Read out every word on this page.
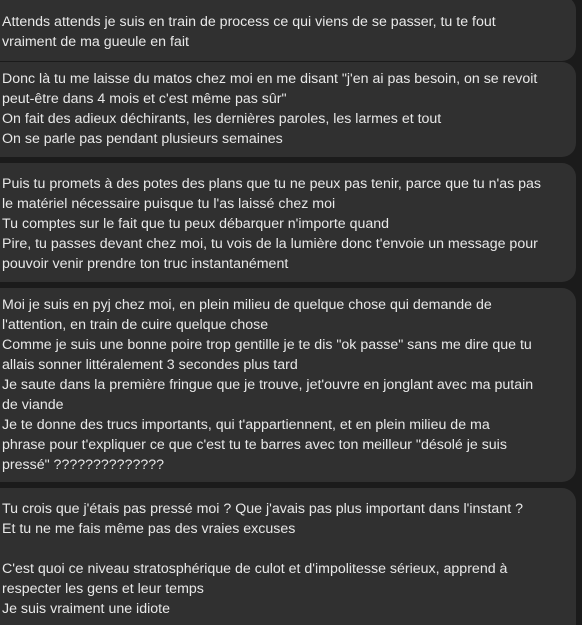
Attends attends je suis en train de process ce qui viens de se passer, tu te fout
vraiment de ma gueule en fait
Donc là tu me laisse du matos chez moi en me disant "j'en ai pas besoin, on se revoit
peut-être dans 4 mois et c'est même pas sûr"
On fait des adieux déchirants, les dernières paroles, les larmes et tout
On se parle pas pendant plusieurs semaines
Puis tu promets à des potes des plans que tu ne peux pas tenir, parce que tu n'as pas
le matériel nécessaire puisque tu l'as laissé chez moi
Tu comptes sur le fait que tu peux débarquer n'importe quand
Pire, tu passes devant chez moi, tu vois de la lumière donc t'envoie un message pour
pouvoir venir prendre ton truc instantanément
Moi je suis en pyj chez moi, en plein milieu de quelque chose qui demande de
l'attention, en train de cuire quelque chose
Comme je suis une bonne poire trop gentille je te dis "ok passe" sans me dire que tu
allais sonner littéralement 3 secondes plus tard
Je saute dans la première fringue que je trouve, jet'ouvre en jonglant avec ma putain
de viande
Je te donne des trucs importants, qui t'appartiennent, et en plein milieu de ma
phrase pour t'expliquer ce que c'est tu te barres avec ton meilleur "désolé je suis
pressé" ??????????????
Tu crois que j'étais pas pressé moi ? Que j'avais pas plus important dans l'instant ?
Et tu ne me fais même pas des vraies excuses

C'est quoi ce niveau stratosphérique de culot et d'impolitesse sérieux, apprend à
respecter les gens et leur temps
Je suis vraiment une idiote
